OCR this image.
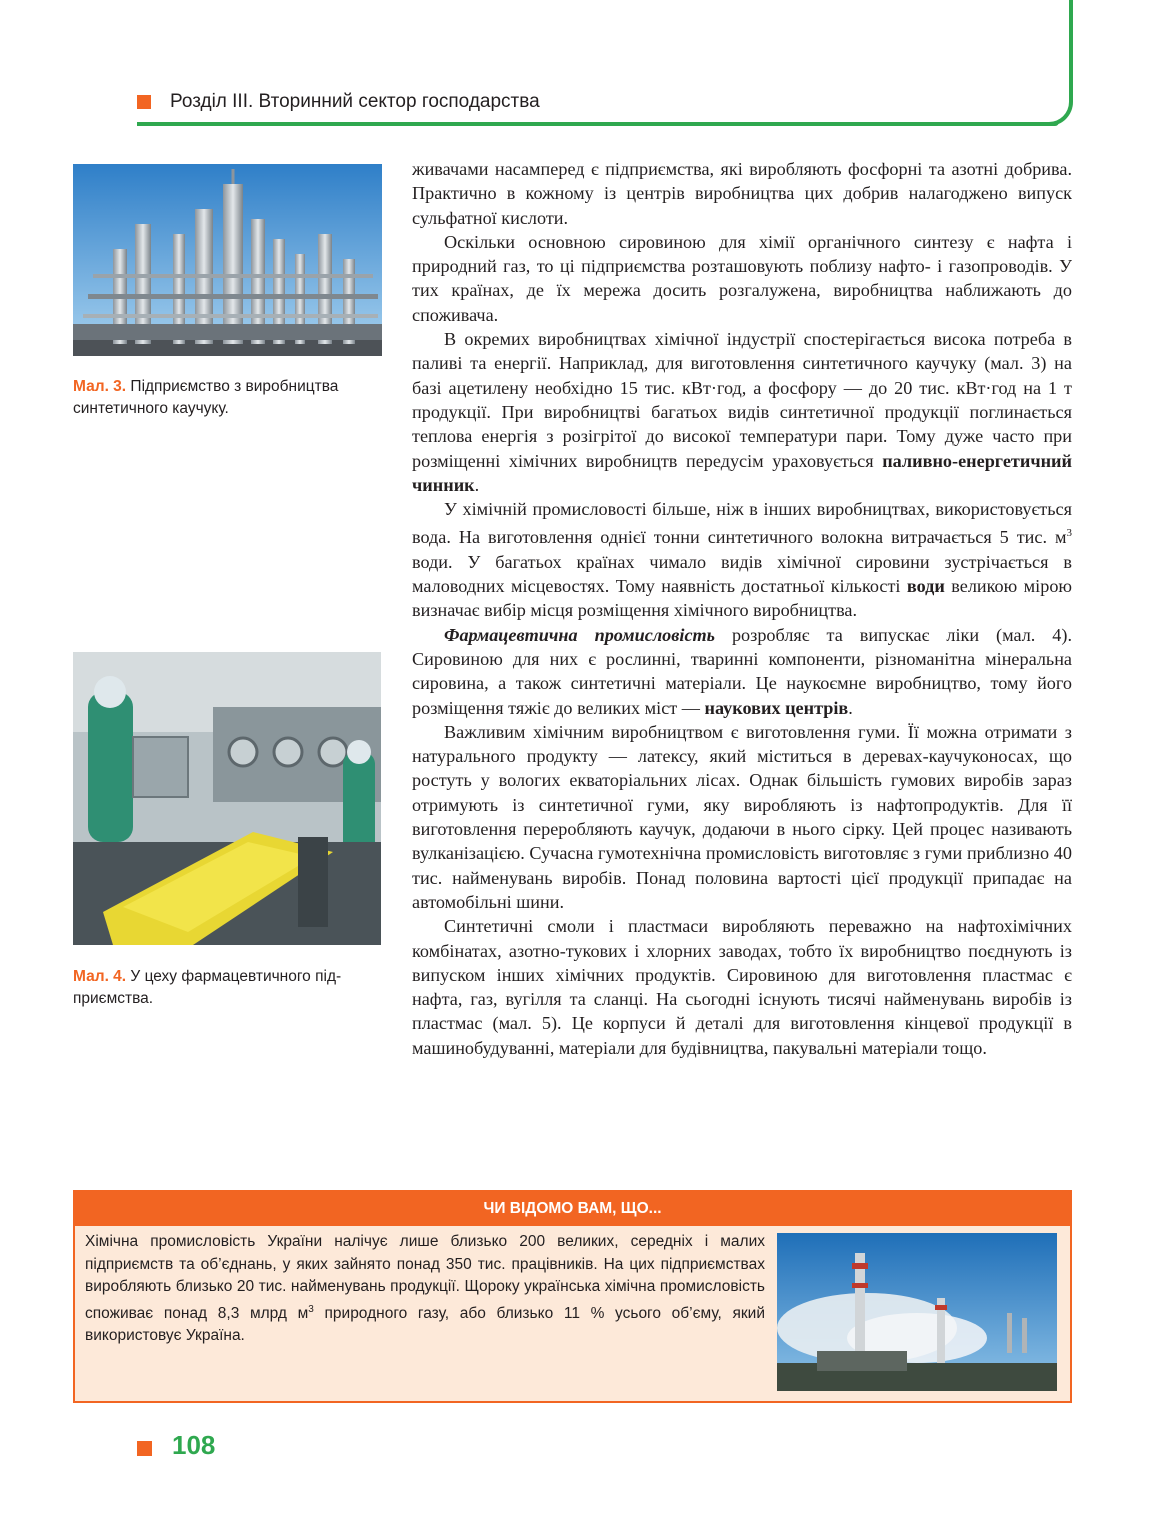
Розділ III. Вторинний сектор господарства
Мал. 3. Підприємство з виробництва
синтетичного каучуку.
Мал. 4. У цеху фармацевтичного під-
приємства.

живачами насамперед є підприємства, які виробляють фосфорні та азотні добрива. Практично в кожному із центрів виробництва цих добрив налагоджено випуск сульфатної кислоти.

Оскільки основною сировиною для хімії органічного синтезу є нафта і природний газ, то ці підприємства розташовують поблизу нафто- і газопроводів. У тих країнах, де їх мережа досить розгалужена, виробництва наближають до споживача.

В окремих виробництвах хімічної індустрії спостерігається висока потреба в паливі та енергії. Наприклад, для виготовлення синтетичного каучуку (мал. 3) на базі ацетилену необхідно 15 тис. кВт·год, а фосфору — до 20 тис. кВт·год на 1 т продукції. При виробництві багатьох видів синтетичної продукції поглинається теплова енергія з розігрітої до високої температури пари. Тому дуже часто при розміщенні хімічних виробництв передусім ураховується паливно-енергетичний чинник.

У хімічній промисловості більше, ніж в інших виробництвах, використовується вода. На виготовлення однієї тонни синтетичного волокна витрачається 5 тис. $м^3$ води. У багатьох країнах чимало видів хімічної сировини зустрічається в маловодних місцевостях. Тому наявність достатньої кількості води великою мірою визначає вибір місця розміщення хімічного виробництва.

Фармацевтична промисловість розробляє та випускає ліки (мал. 4). Сировиною для них є рослинні, тваринні компоненти, різноманітна мінеральна сировина, а також синтетичні матеріали. Це наукоємне виробництво, тому його розміщення тяжіє до великих міст — наукових центрів.

Важливим хімічним виробництвом є виготовлення гуми. Її можна отримати з натурального продукту — латексу, який міститься в деревах-каучуконосах, що ростуть у вологих екваторіальних лісах. Однак більшість гумових виробів зараз отримують із синтетичної гуми, яку виробляють із нафтопродуктів. Для її виготовлення переробляють каучук, додаючи в нього сірку. Цей процес називають вулканізацією. Сучасна гумотехнічна промисловість виготовляє з гуми приблизно 40 тис. найменувань виробів. Понад половина вартості цієї продукції припадає на автомобільні шини.

Синтетичні смоли і пластмаси виробляють переважно на нафтохімічних комбінатах, азотно-тукових і хлорних заводах, тобто їх виробництво поєднують із випуском інших хімічних продуктів. Сировиною для виготовлення пластмас є нафта, газ, вугілля та сланці. На сьогодні існують тисячі найменувань виробів із пластмас (мал. 5). Це корпуси й деталі для виготовлення кінцевої продукції в машинобудуванні, матеріали для будівництва, пакувальні матеріали тощо.

ЧИ ВІДОМО ВАМ, ЩО...
Хімічна промисловість України налічує лише близько 200 великих, середніх і малих підприємств та об’єднань, у яких зайнято понад 350 тис. працівників. На цих підприємствах виробляють близько 20 тис. найменувань продукції. Щороку українська хімічна промисловість споживає понад 8,3 млрд $м^3$ природного газу, або близько 11 % усього об’єму, який використовує Україна.
108
